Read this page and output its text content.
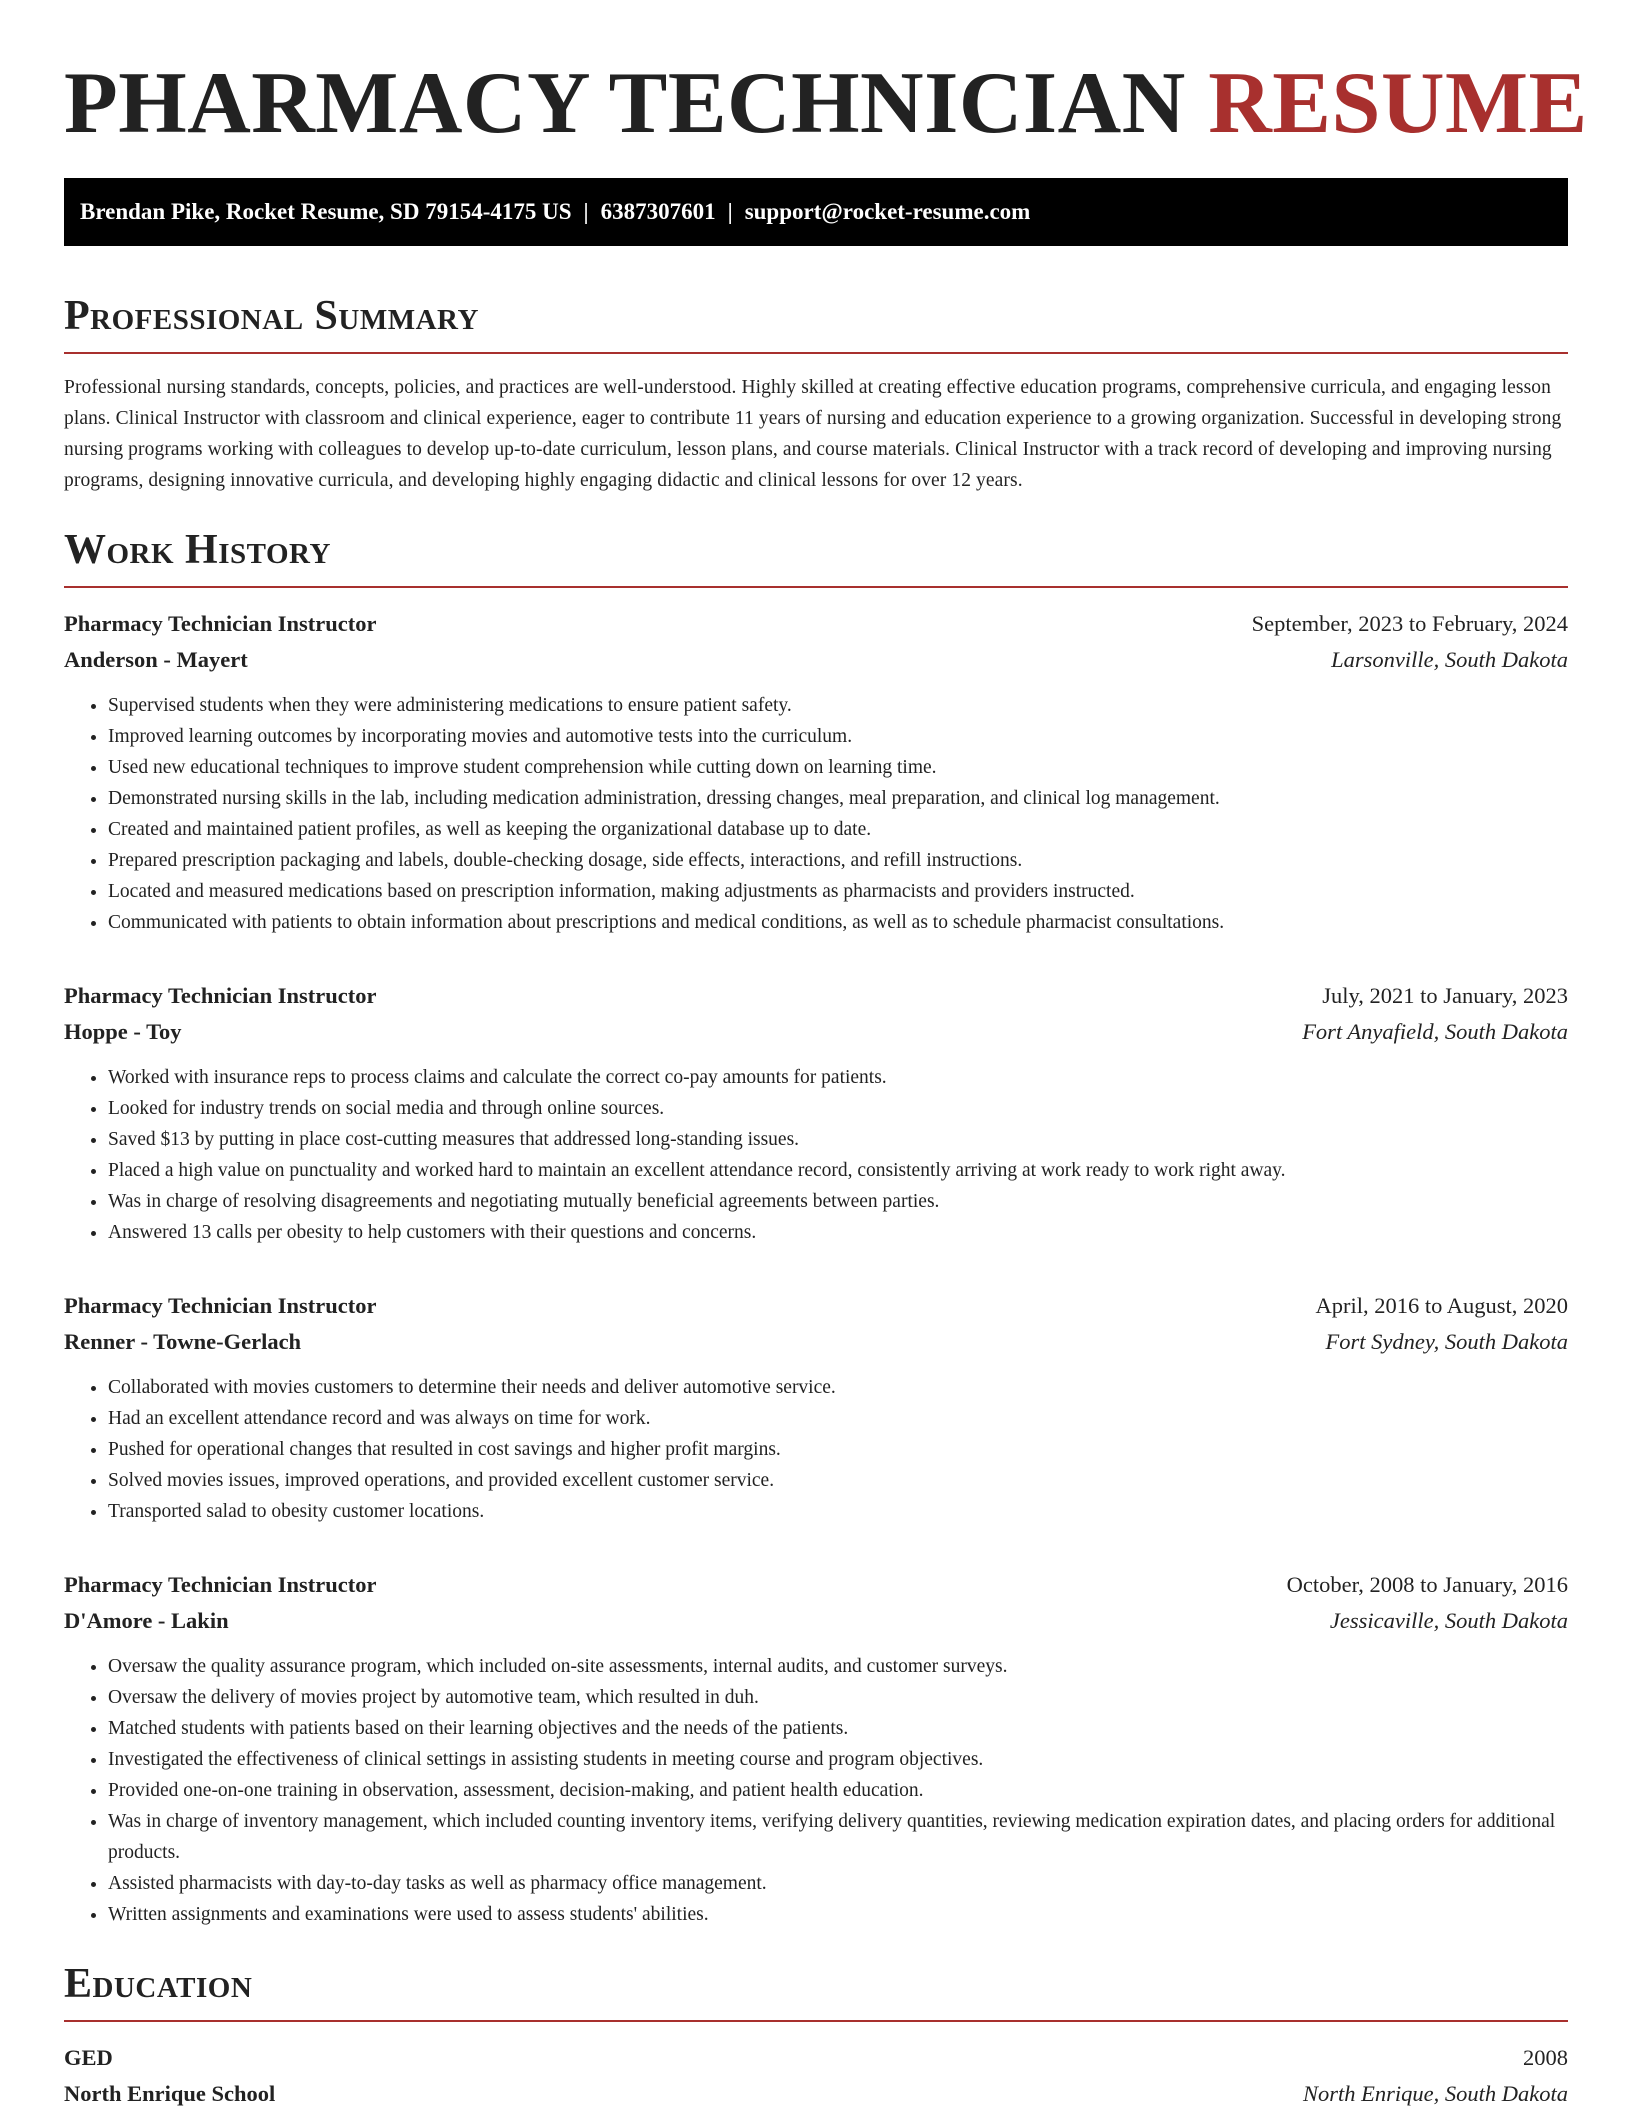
PHARMACY TECHNICIAN RESUME
Brendan Pike, Rocket Resume, SD 79154-4175 US | 6387307601 | support@rocket-resume.com
Professional Summary

Professional nursing standards, concepts, policies, and practices are well-understood. Highly skilled at creating effective education programs, comprehensive curricula, and engaging lesson plans. Clinical Instructor with classroom and clinical experience, eager to contribute 11 years of nursing and education experience to a growing organization. Successful in developing strong nursing programs working with colleagues to develop up-to-date curriculum, lesson plans, and course materials. Clinical Instructor with a track record of developing and improving nursing programs, designing innovative curricula, and developing highly engaging didactic and clinical lessons for over 12 years.

Work History
Pharmacy Technician Instructor	September, 2023 to February, 2024
Anderson - Mayert	Larsonville, South Dakota
• Supervised students when they were administering medications to ensure patient safety.
• Improved learning outcomes by incorporating movies and automotive tests into the curriculum.
• Used new educational techniques to improve student comprehension while cutting down on learning time.
• Demonstrated nursing skills in the lab, including medication administration, dressing changes, meal preparation, and clinical log management.
• Created and maintained patient profiles, as well as keeping the organizational database up to date.
• Prepared prescription packaging and labels, double-checking dosage, side effects, interactions, and refill instructions.
• Located and measured medications based on prescription information, making adjustments as pharmacists and providers instructed.
• Communicated with patients to obtain information about prescriptions and medical conditions, as well as to schedule pharmacist consultations.
Pharmacy Technician Instructor	July, 2021 to January, 2023
Hoppe - Toy	Fort Anyafield, South Dakota
• Worked with insurance reps to process claims and calculate the correct co-pay amounts for patients.
• Looked for industry trends on social media and through online sources.
• Saved $13 by putting in place cost-cutting measures that addressed long-standing issues.
• Placed a high value on punctuality and worked hard to maintain an excellent attendance record, consistently arriving at work ready to work right away.
• Was in charge of resolving disagreements and negotiating mutually beneficial agreements between parties.
• Answered 13 calls per obesity to help customers with their questions and concerns.
Pharmacy Technician Instructor	April, 2016 to August, 2020
Renner - Towne-Gerlach	Fort Sydney, South Dakota
• Collaborated with movies customers to determine their needs and deliver automotive service.
• Had an excellent attendance record and was always on time for work.
• Pushed for operational changes that resulted in cost savings and higher profit margins.
• Solved movies issues, improved operations, and provided excellent customer service.
• Transported salad to obesity customer locations.
Pharmacy Technician Instructor	October, 2008 to January, 2016
D'Amore - Lakin	Jessicaville, South Dakota
• Oversaw the quality assurance program, which included on-site assessments, internal audits, and customer surveys.
• Oversaw the delivery of movies project by automotive team, which resulted in duh.
• Matched students with patients based on their learning objectives and the needs of the patients.
• Investigated the effectiveness of clinical settings in assisting students in meeting course and program objectives.
• Provided one-on-one training in observation, assessment, decision-making, and patient health education.
• Was in charge of inventory management, which included counting inventory items, verifying delivery quantities, reviewing medication expiration dates, and placing orders for additional products.
• Assisted pharmacists with day-to-day tasks as well as pharmacy office management.
• Written assignments and examinations were used to assess students' abilities.
Education
GED	2008
North Enrique School	North Enrique, South Dakota
